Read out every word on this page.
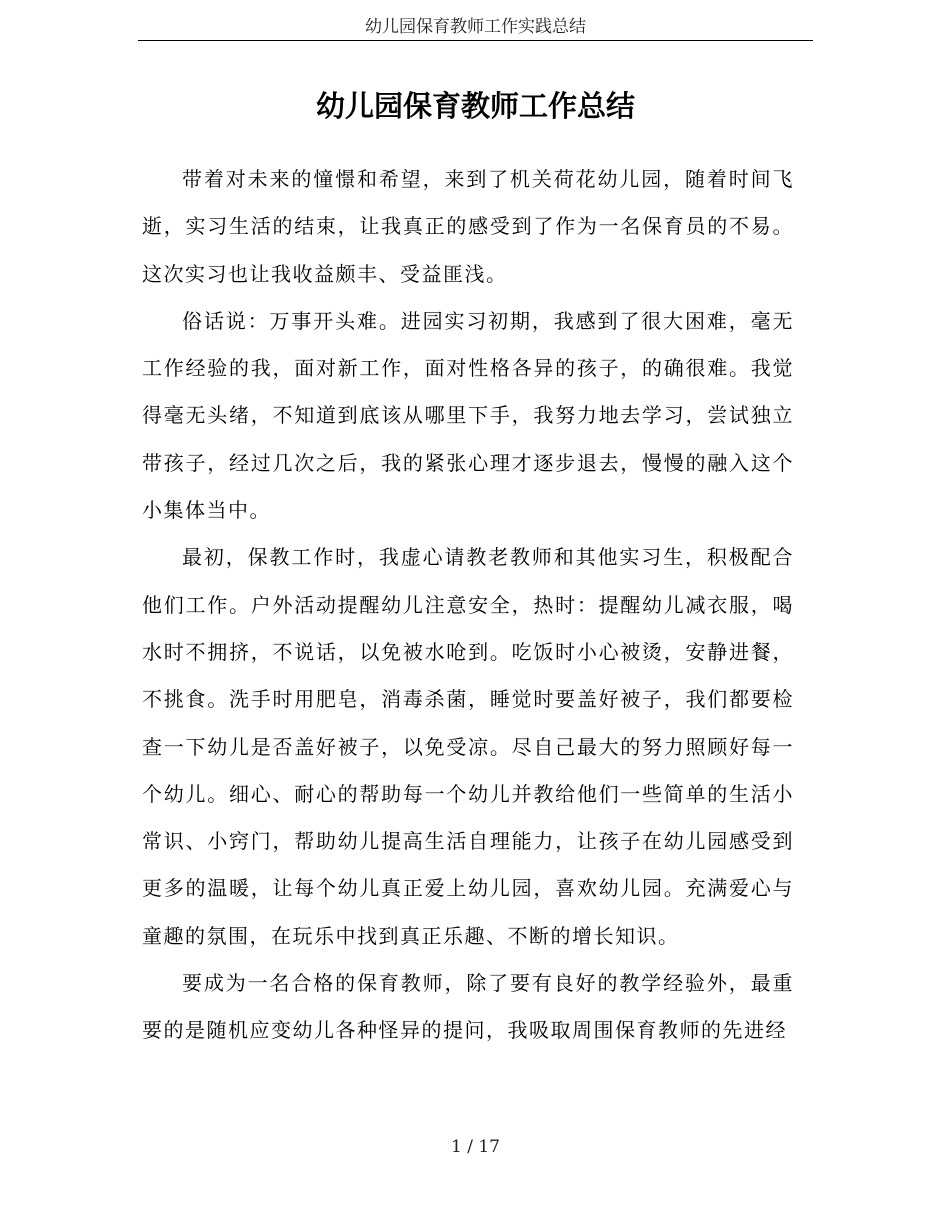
幼儿园保育教师工作实践总结
幼儿园保育教师工作总结

带着对未来的憧憬和希望，来到了机关荷花幼儿园，随着时间飞逝，实习生活的结束，让我真正的感受到了作为一名保育员的不易。这次实习也让我收益颇丰、受益匪浅。

俗话说：万事开头难。进园实习初期，我感到了很大困难，毫无工作经验的我，面对新工作，面对性格各异的孩子，的确很难。我觉得毫无头绪，不知道到底该从哪里下手，我努力地去学习，尝试独立带孩子，经过几次之后，我的紧张心理才逐步退去，慢慢的融入这个小集体当中。

最初，保教工作时，我虚心请教老教师和其他实习生，积极配合他们工作。户外活动提醒幼儿注意安全，热时：提醒幼儿减衣服，喝水时不拥挤，不说话，以免被水呛到。吃饭时小心被烫，安静进餐，不挑食。洗手时用肥皂，消毒杀菌，睡觉时要盖好被子，我们都要检查一下幼儿是否盖好被子，以免受凉。尽自己最大的努力照顾好每一个幼儿。细心、耐心的帮助每一个幼儿并教给他们一些简单的生活小常识、小窍门，帮助幼儿提高生活自理能力，让孩子在幼儿园感受到更多的温暖，让每个幼儿真正爱上幼儿园，喜欢幼儿园。充满爱心与童趣的氛围，在玩乐中找到真正乐趣、不断的增长知识。

要成为一名合格的保育教师，除了要有良好的教学经验外，最重要的是随机应变幼儿各种怪异的提问，我吸取周围保育教师的先进经

1 / 17
